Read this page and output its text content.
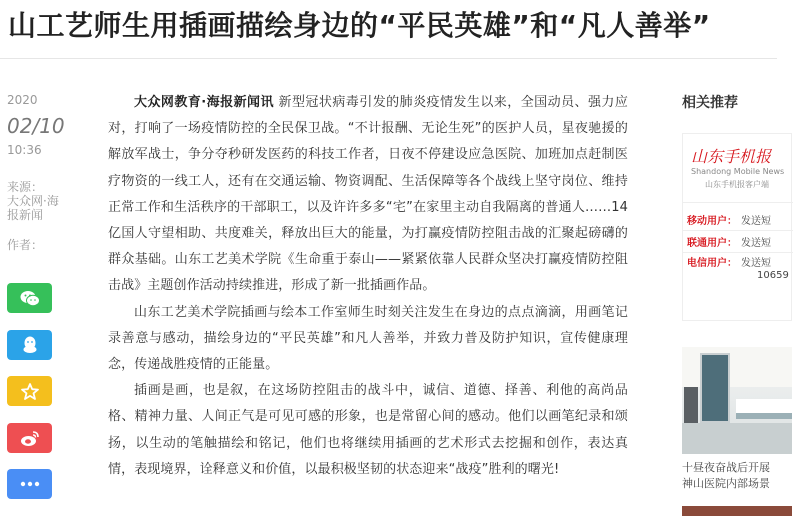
山工艺师生用插画描绘身边的“平民英雄”和“凡人善举”
2020
02/10
10:36
来源：
大众网·海报新闻
作者：

大众网教育·海报新闻讯 新型冠状病毒引发的肺炎疫情发生以来，全国动员、强力应对，打响了一场疫情防控的全民保卫战。“不计报酬、无论生死”的医护人员，星夜驰援的解放军战士，争分夺秒研发医药的科技工作者，日夜不停建设应急医院、加班加点赶制医疗物资的一线工人，还有在交通运输、物资调配、生活保障等各个战线上坚守岗位、维持正常工作和生活秩序的干部职工，以及许许多多“宅”在家里主动自我隔离的普通人……14亿国人守望相助、共度难关，释放出巨大的能量，为打赢疫情防控阻击战的汇聚起磅礴的群众基础。山东工艺美术学院《生命重于泰山——紧紧依靠人民群众坚决打赢疫情防控阻击战》主题创作活动持续推进，形成了新一批插画作品。

山东工艺美术学院插画与绘本工作室师生时刻关注发生在身边的点点滴滴，用画笔记录善意与感动，描绘身边的“平民英雄”和凡人善举，并致力普及防护知识，宣传健康理念，传递战胜疫情的正能量。

插画是画，也是叙，在这场防控阻击的战斗中，诚信、道德、择善、利他的高尚品格、精神力量、人间正气是可见可感的形象，也是常留心间的感动。他们以画笔纪录和颂扬，以生动的笔触描绘和铭记，他们也将继续用插画的艺术形式去挖掘和创作，表达真情，表现境界，诠释意义和价值，以最积极坚韧的状态迎来“战疫”胜利的曙光!

相关推荐
山东手机报
Shandong Mobile News
山东手机报客户端
移动用户： 发送短
联通用户： 发送短
电信用户： 发送短
10659
十昼夜奋战后开展
神山医院内部场景
